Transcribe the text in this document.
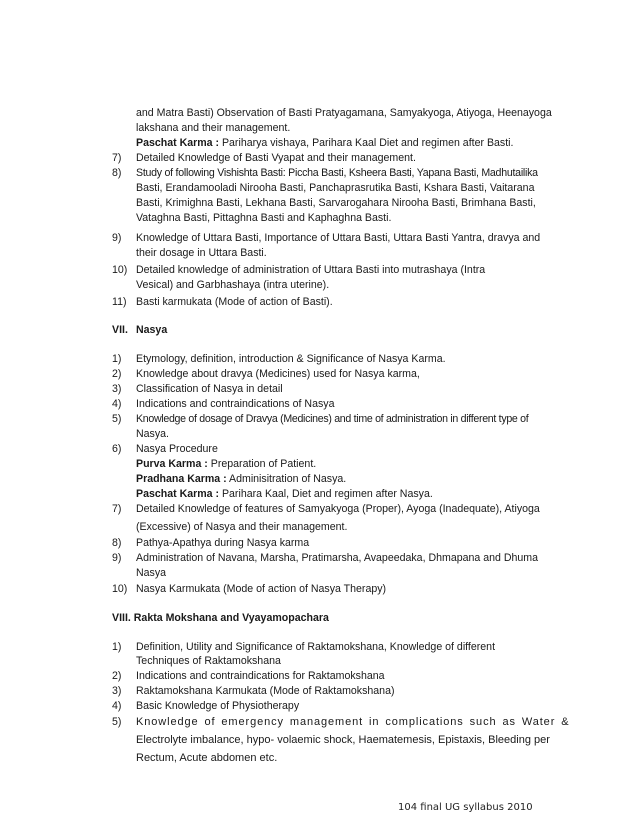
and Matra Basti) Observation of Basti Pratyagamana, Samyakyoga, Atiyoga, Heenayoga
lakshana and their management.
Paschat Karma : Pariharya vishaya, Parihara Kaal Diet and regimen after Basti.
7) Detailed Knowledge of Basti Vyapat and their management.
8) Study of following Vishishta Basti: Piccha Basti, Ksheera Basti, Yapana Basti, Madhutailika
Basti, Erandamooladi Nirooha Basti, Panchaprasrutika Basti, Kshara Basti, Vaitarana
Basti, Krimighna Basti, Lekhana Basti, Sarvarogahara Nirooha Basti, Brimhana Basti,
Vataghna Basti, Pittaghna Basti and Kaphaghna Basti.
9) Knowledge of Uttara Basti, Importance of Uttara Basti, Uttara Basti Yantra, dravya and
their dosage in Uttara Basti.
10) Detailed knowledge of administration of Uttara Basti into mutrashaya (Intra
Vesical) and Garbhashaya (intra uterine).
11) Basti karmukata (Mode of action of Basti).
VII. Nasya
1) Etymology, definition, introduction & Significance of Nasya Karma.
2) Knowledge about dravya (Medicines) used for Nasya karma,
3) Classification of Nasya in detail
4) Indications and contraindications of Nasya
5) Knowledge of dosage of Dravya (Medicines) and time of administration in different type of
Nasya.
6) Nasya Procedure
Purva Karma : Preparation of Patient.
Pradhana Karma : Adminisitration of Nasya.
Paschat Karma : Parihara Kaal, Diet and regimen after Nasya.
7) Detailed Knowledge of features of Samyakyoga (Proper), Ayoga (Inadequate), Atiyoga
(Excessive) of Nasya and their management.
8) Pathya-Apathya during Nasya karma
9) Administration of Navana, Marsha, Pratimarsha, Avapeedaka, Dhmapana and Dhuma
Nasya
10) Nasya Karmukata (Mode of action of Nasya Therapy)
VIII. Rakta Mokshana and Vyayamopachara
1) Definition, Utility and Significance of Raktamokshana, Knowledge of different
Techniques of Raktamokshana
2) Indications and contraindications for Raktamokshana
3) Raktamokshana Karmukata (Mode of Raktamokshana)
4) Basic Knowledge of Physiotherapy
5) Knowledge of emergency management in complications such as Water &
Electrolyte imbalance, hypo- volaemic shock, Haematemesis, Epistaxis, Bleeding per
Rectum, Acute abdomen etc.
104 final UG syllabus 2010
